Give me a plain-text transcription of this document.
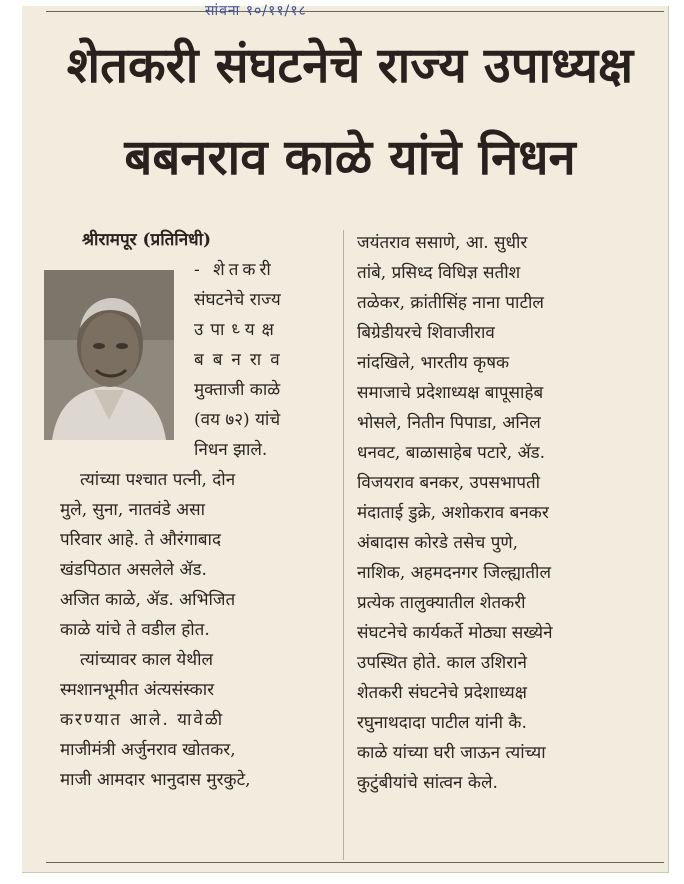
सांवना १०/११/१८
शेतकरी संघटनेचे राज्य उपाध्यक्ष
बबनराव काळे यांचे निधन

श्रीरामपूर (प्रतिनिधी)

- शेतकरी

संघटनेचे राज्य

उपाध्यक्ष

बबनराव

मुक्ताजी काळे

(वय ७२) यांचे

निधन झाले.

त्यांच्या पश्चात पत्नी, दोन

मुले, सुना, नातवंडे असा

परिवार आहे. ते औरंगाबाद

खंडपिठात असलेले ॲड.

अजित काळे, ॲड. अभिजित

काळे यांचे ते वडील होत.

त्यांच्यावर काल येथील

स्मशानभूमीत अंत्यसंस्कार

करण्यात आले. यावेळी

माजीमंत्री अर्जुनराव खोतकर,

माजी आमदार भानुदास मुरकुटे,

जयंतराव ससाणे, आ. सुधीर

तांबे, प्रसिध्द विधिज्ञ सतीश

तळेकर, क्रांतीसिंह नाना पाटील

बिग्रेडीयरचे शिवाजीराव

नांदखिले, भारतीय कृषक

समाजाचे प्रदेशाध्यक्ष बापूसाहेब

भोसले, नितीन पिपाडा, अनिल

धनवट, बाळासाहेब पटारे, ॲड.

विजयराव बनकर, उपसभापती

मंदाताई डुक्रे, अशोकराव बनकर

अंबादास कोरडे तसेच पुणे,

नाशिक, अहमदनगर जिल्ह्यातील

प्रत्येक तालुक्यातील शेतकरी

संघटनेचे कार्यकर्ते मोठ्या सख्येने

उपस्थित होते. काल उशिराने

शेतकरी संघटनेचे प्रदेशाध्यक्ष

रघुनाथदादा पाटील यांनी कै.

काळे यांच्या घरी जाऊन त्यांच्या

कुटुंबीयांचे सांत्वन केले.
